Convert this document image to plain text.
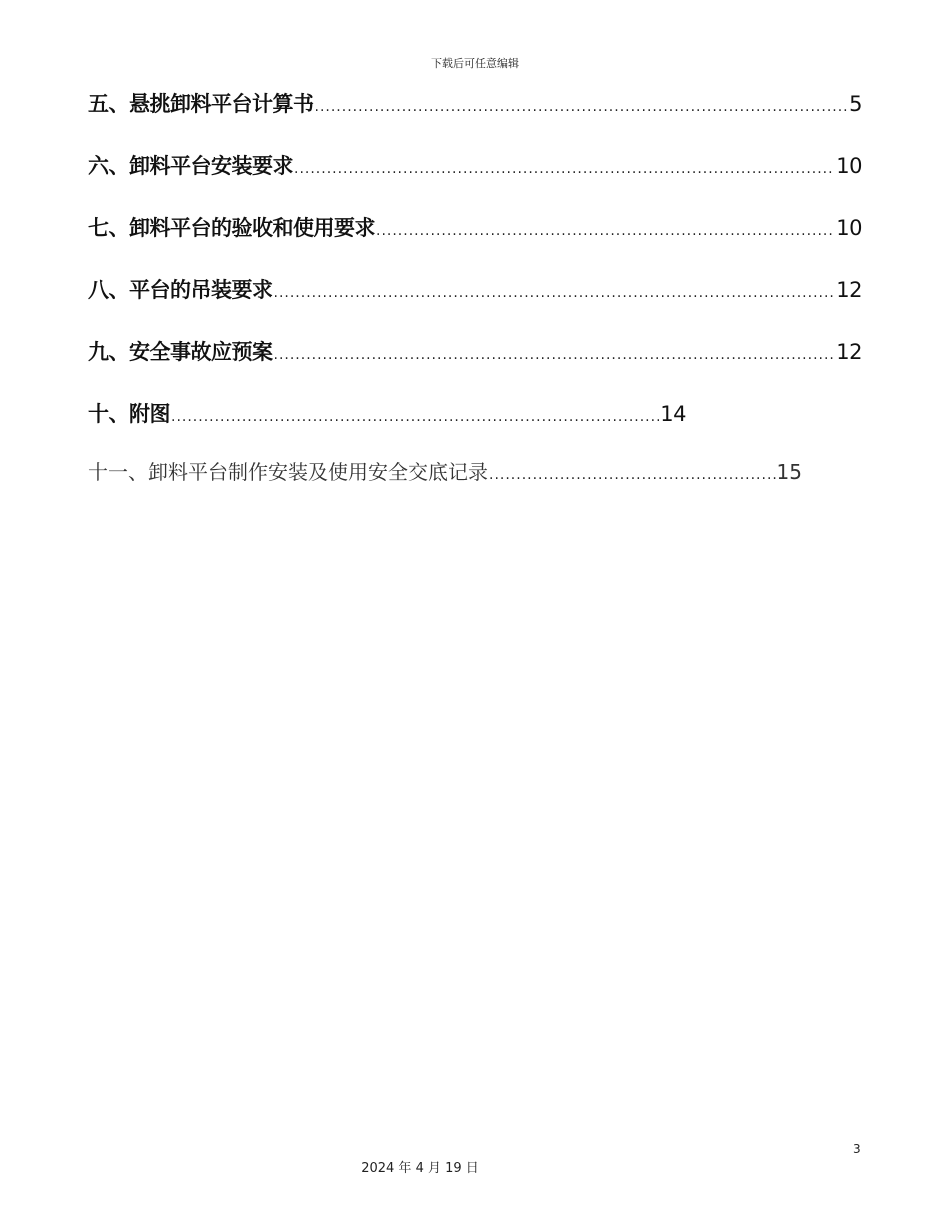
下载后可任意编辑
五、悬挑卸料平台计算书 .....	5
六、卸料平台安装要求 .....	10
七、卸料平台的验收和使用要求 .....	10
八、平台的吊装要求 .....	12
九、安全事故应预案 .....	12
十、附图 .....	14
十一、卸料平台制作安装及使用安全交底记录 .....	15
3
2024 年 4 月 19 日
